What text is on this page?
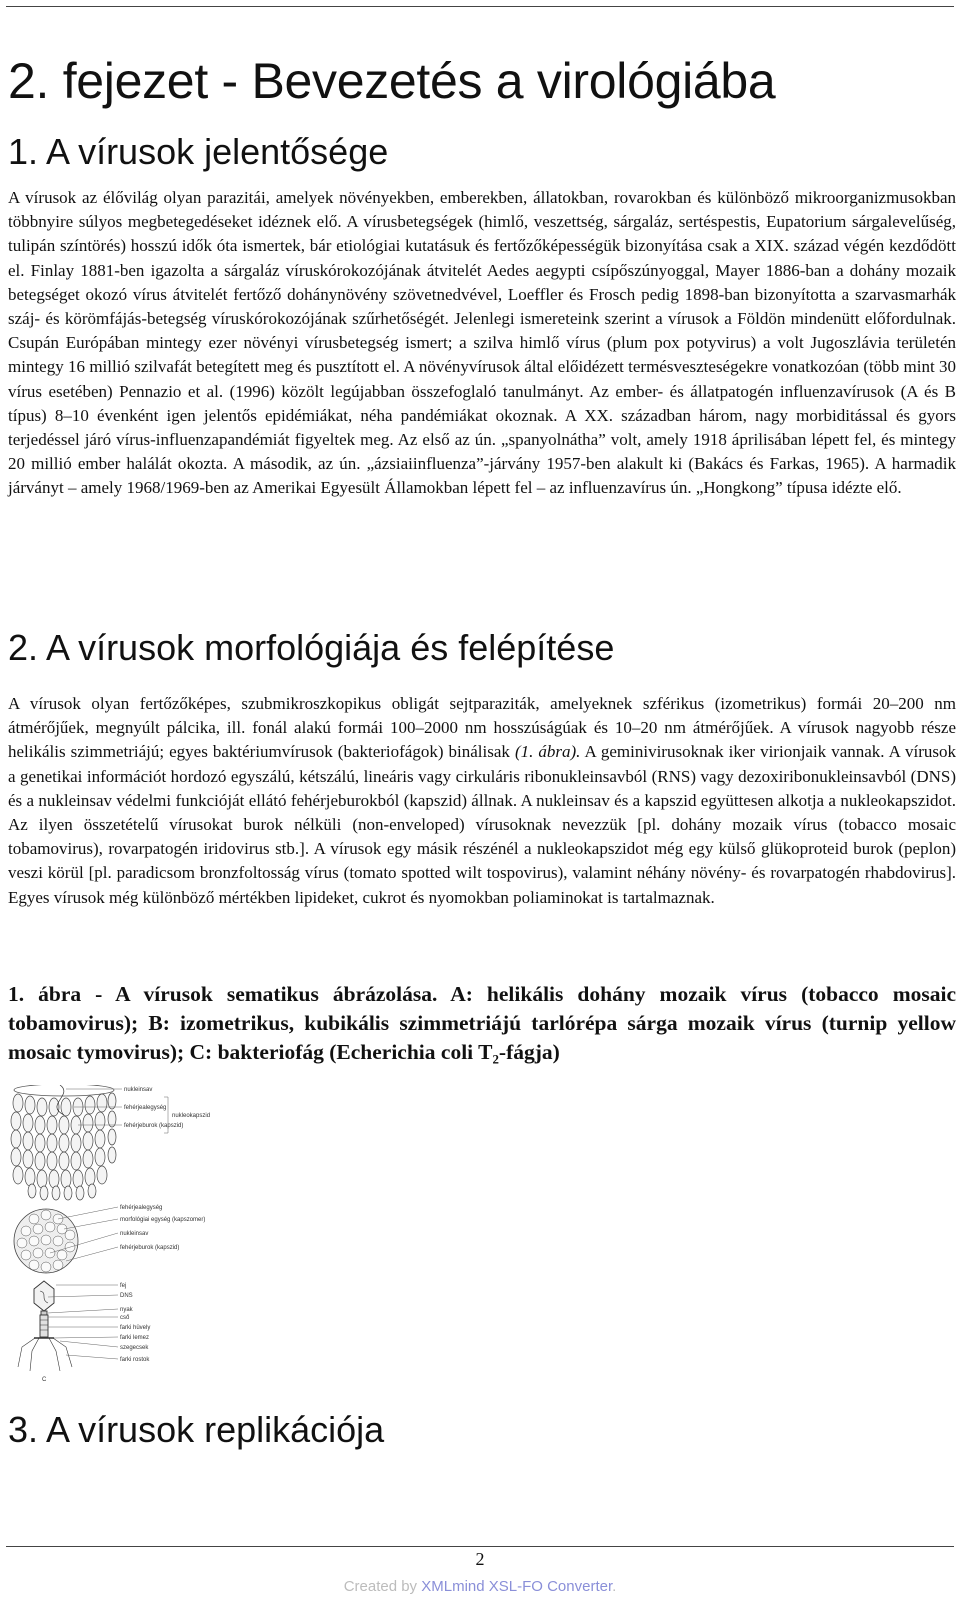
2. fejezet - Bevezetés a virológiába
1. A vírusok jelentősége

A vírusok az élővilág olyan parazitái, amelyek növényekben, emberekben, állatokban, rovarokban és különböző mikroorganizmusokban többnyire súlyos megbetegedéseket idéznek elő. A vírusbetegségek (himlő, veszettség, sárgaláz, sertéspestis, Eupatorium sárgalevelűség, tulipán színtörés) hosszú idők óta ismertek, bár etiológiai kutatásuk és fertőzőképességük bizonyítása csak a XIX. század végén kezdődött el. Finlay 1881-ben igazolta a sárgaláz víruskórokozójának átvitelét Aedes aegypti csípőszúnyoggal, Mayer 1886-ban a dohány mozaik betegséget okozó vírus átvitelét fertőző dohánynövény szövetnedvével, Loeffler és Frosch pedig 1898-ban bizonyította a szarvasmarhák száj- és körömfájás-betegség víruskórokozójának szűrhetőségét. Jelenlegi ismereteink szerint a vírusok a Földön mindenütt előfordulnak. Csupán Európában mintegy ezer növényi vírusbetegség ismert; a szilva himlő vírus (plum pox potyvirus) a volt Jugoszlávia területén mintegy 16 millió szilvafát betegített meg és pusztított el. A növényvírusok által előidézett termésveszteségekre vonatkozóan (több mint 30 vírus esetében) Pennazio et al. (1996) közölt legújabban összefoglaló tanulmányt. Az ember- és állatpatogén influenzavírusok (A és B típus) 8–10 évenként igen jelentős epidémiákat, néha pandémiákat okoznak. A XX. században három, nagy morbiditással és gyors terjedéssel járó vírus-influenzapandémiát figyeltek meg. Az első az ún. „spanyolnátha” volt, amely 1918 áprilisában lépett fel, és mintegy 20 millió ember halálát okozta. A második, az ún. „ázsiaiinfluenza”-járvány 1957-ben alakult ki (Bakács és Farkas, 1965). A harmadik járványt – amely 1968/1969-ben az Amerikai Egyesült Államokban lépett fel – az influenzavírus ún. „Hongkong” típusa idézte elő.

2. A vírusok morfológiája és felépítése

A vírusok olyan fertőzőképes, szubmikroszkopikus obligát sejtparaziták, amelyeknek szférikus (izometrikus) formái 20–200 nm átmérőjűek, megnyúlt pálcika, ill. fonál alakú formái 100–2000 nm hosszúságúak és 10–20 nm átmérőjűek. A vírusok nagyobb része helikális szimmetriájú; egyes baktériumvírusok (bakteriofágok) binálisak (1. ábra). A geminivirusoknak iker virionjaik vannak. A vírusok a genetikai információt hordozó egyszálú, kétszálú, lineáris vagy cirkuláris ribonukleinsavból (RNS) vagy dezoxiribonukleinsavból (DNS) és a nukleinsav védelmi funkcióját ellátó fehérjeburokból (kapszid) állnak. A nukleinsav és a kapszid együttesen alkotja a nukleokapszidot. Az ilyen összetételű vírusokat burok nélküli (non-enveloped) vírusoknak nevezzük [pl. dohány mozaik vírus (tobacco mosaic tobamovirus), rovarpatogén iridovirus stb.]. A vírusok egy másik részénél a nukleokapszidot még egy külső glükoproteid burok (peplon) veszi körül [pl. paradicsom bronzfoltosság vírus (tomato spotted wilt tospovirus), valamint néhány növény- és rovarpatogén rhabdovirus]. Egyes vírusok még különböző mértékben lipideket, cukrot és nyomokban poliaminokat is tartalmaznak.

1. ábra - A vírusok sematikus ábrázolása. A: helikális dohány mozaik vírus (tobacco mosaic tobamovirus); B: izometrikus, kubikális szimmetriájú tarlórépa sárga mozaik vírus (turnip yellow mosaic tymovirus); C: bakteriofág (Echerichia coli T₂-fágja)

nukleinsav
fehérjealegység
fehérjeburok (kapszid)
nukleokapszid
fehérjealegység
morfológiai egység (kapszomer)
nukleinsav
fehérjeburok (kapszid)
fej
DNS
nyak
cső
farki hüvely
farki lemez
szegecsek
farki rostok
C
3. A vírusok replikációja
2
Created by XMLmind XSL-FO Converter.
